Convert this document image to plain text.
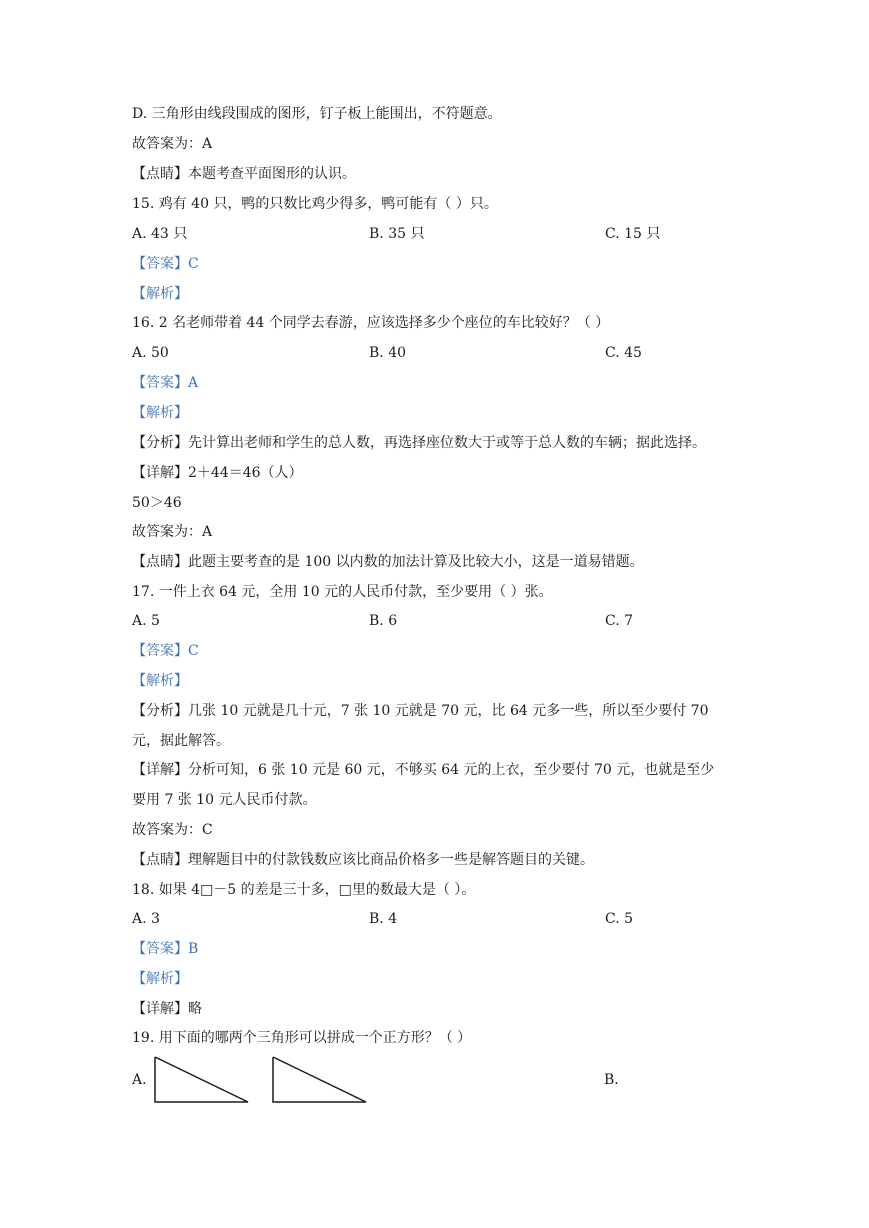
D. 三角形由线段围成的图形，钉子板上能围出，不符题意。
故答案为：A
【点睛】本题考查平面图形的认识。
15. 鸡有 40 只，鸭的只数比鸡少得多，鸭可能有（ ）只。
A. 43 只	B. 35 只	C. 15 只
【答案】C
【解析】
16. 2 名老师带着 44 个同学去春游，应该选择多少个座位的车比较好？（ ）
A. 50	B. 40	C. 45
【答案】A
【解析】
【分析】先计算出老师和学生的总人数，再选择座位数大于或等于总人数的车辆；据此选择。
【详解】2＋44＝46（人）
50＞46
故答案为：A
【点睛】此题主要考查的是 100 以内数的加法计算及比较大小，这是一道易错题。
17. 一件上衣 64 元，全用 10 元的人民币付款，至少要用（ ）张。
A. 5	B. 6	C. 7
【答案】C
【解析】
【分析】几张 10 元就是几十元，7 张 10 元就是 70 元，比 64 元多一些，所以至少要付 70
元，据此解答。
【详解】分析可知，6 张 10 元是 60 元，不够买 64 元的上衣，至少要付 70 元，也就是至少
要用 7 张 10 元人民币付款。
故答案为：C
【点睛】理解题目中的付款钱数应该比商品价格多一些是解答题目的关键。
18. 如果 4□－5 的差是三十多，□里的数最大是（ ）。
A. 3	B. 4	C. 5
【答案】B
【解析】
【详解】略
19. 用下面的哪两个三角形可以拼成一个正方形？（ ）
A.	B.
